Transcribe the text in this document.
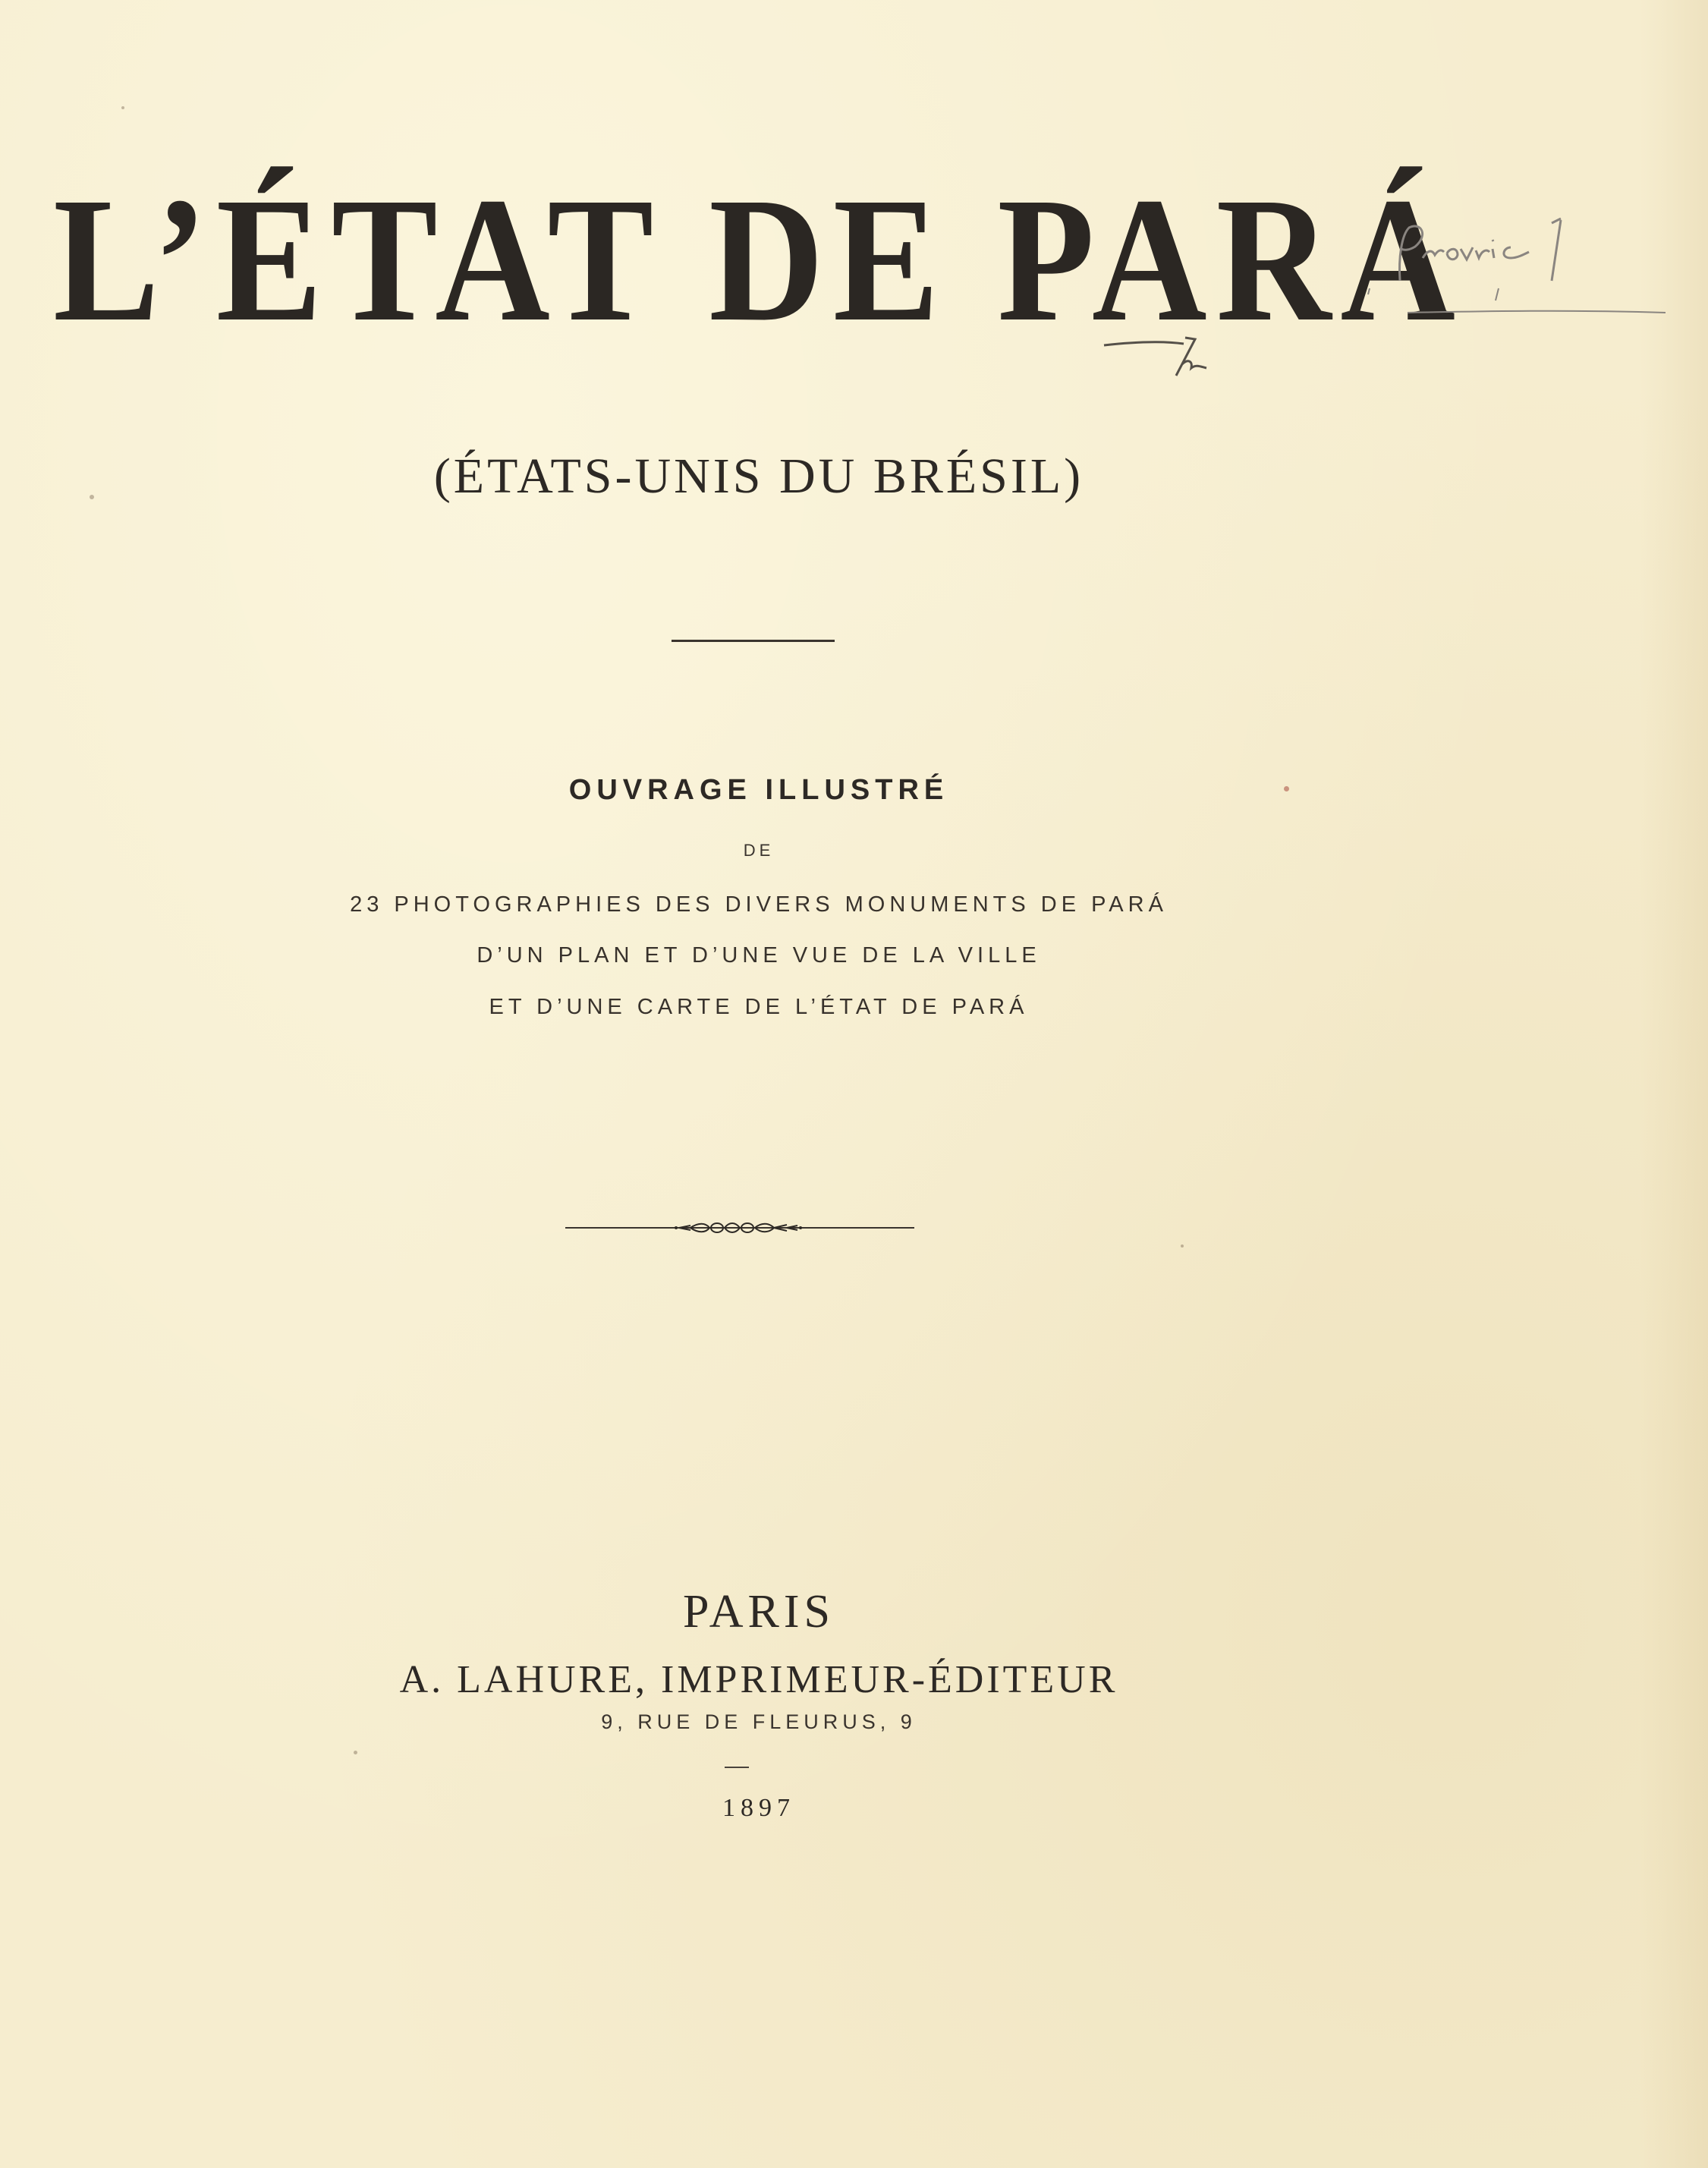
L’ÉTAT DE PARÁ
(ÉTATS-UNIS DU BRÉSIL)
OUVRAGE ILLUSTRÉ
DE
23 PHOTOGRAPHIES DES DIVERS MONUMENTS DE PARÁ
D’UN PLAN ET D’UNE VUE DE LA VILLE
ET D’UNE CARTE DE L’ÉTAT DE PARÁ
PARIS
A. LAHURE, IMPRIMEUR-ÉDITEUR
9, RUE DE FLEURUS, 9
1897
